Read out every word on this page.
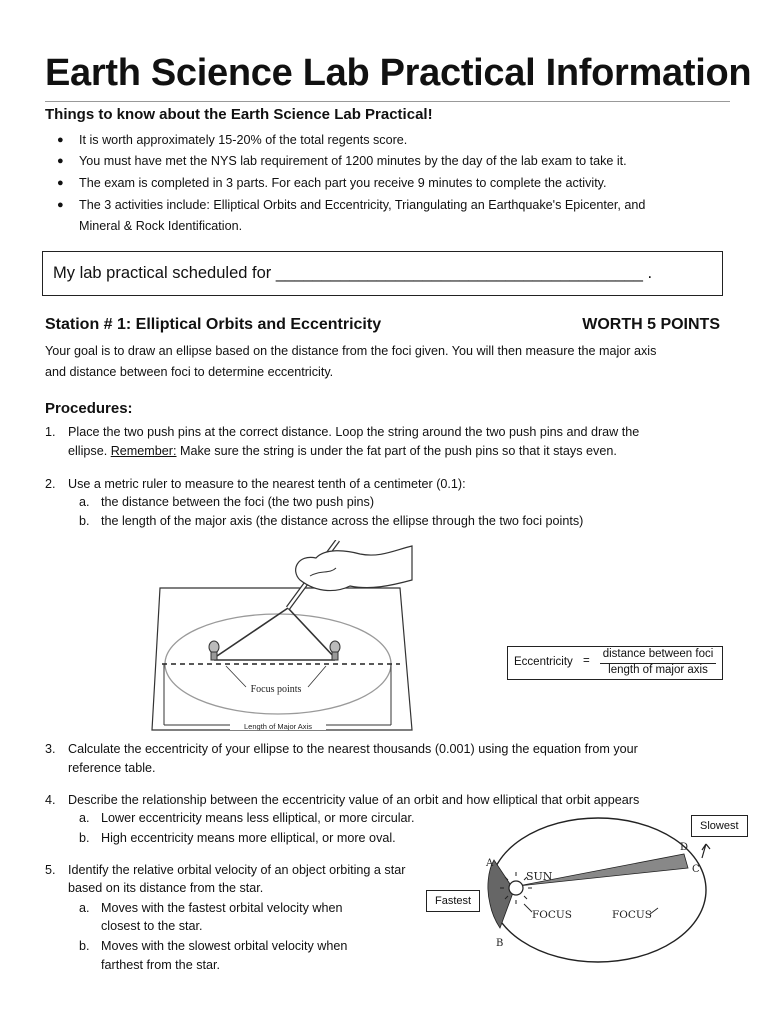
Earth Science Lab Practical Information
Things to know about the Earth Science Lab Practical!
● It is worth approximately 15-20% of the total regents score.
● You must have met the NYS lab requirement of 1200 minutes by the day of the lab exam to take it.
● The exam is completed in 3 parts. For each part you receive 9 minutes to complete the activity.
● The 3 activities include: Elliptical Orbits and Eccentricity, Triangulating an Earthquake's Epicenter, and
Mineral & Rock Identification.
My lab practical scheduled for ________________________________________ .
Station # 1: Elliptical Orbits and Eccentricity	WORTH 5 POINTS
Your goal is to draw an ellipse based on the distance from the foci given. You will then measure the major axis
and distance between foci to determine eccentricity.
Procedures:
1. Place the two push pins at the correct distance. Loop the string around the two push pins and draw the
ellipse. Remember: Make sure the string is under the fat part of the push pins so that it stays even.
2. Use a metric ruler to measure to the nearest tenth of a centimeter (0.1):
a. the distance between the foci (the two push pins)
b. the length of the major axis (the distance across the ellipse through the two foci points)
Focus points
Length of Major Axis
Eccentricity =
distance between foci
length of major axis
3. Calculate the eccentricity of your ellipse to the nearest thousands (0.001) using the equation from your
reference table.
4. Describe the relationship between the eccentricity value of an orbit and how elliptical that orbit appears
a. Lower eccentricity means less elliptical, or more circular.
b. High eccentricity means more elliptical, or more oval.
5. Identify the relative orbital velocity of an object orbiting a star
based on its distance from the star.
a. Moves with the fastest orbital velocity when
closest to the star.
b. Moves with the slowest orbital velocity when
farthest from the star.
SUN
FOCUS	FOCUS
A
B
C
D
Slowest
Fastest
